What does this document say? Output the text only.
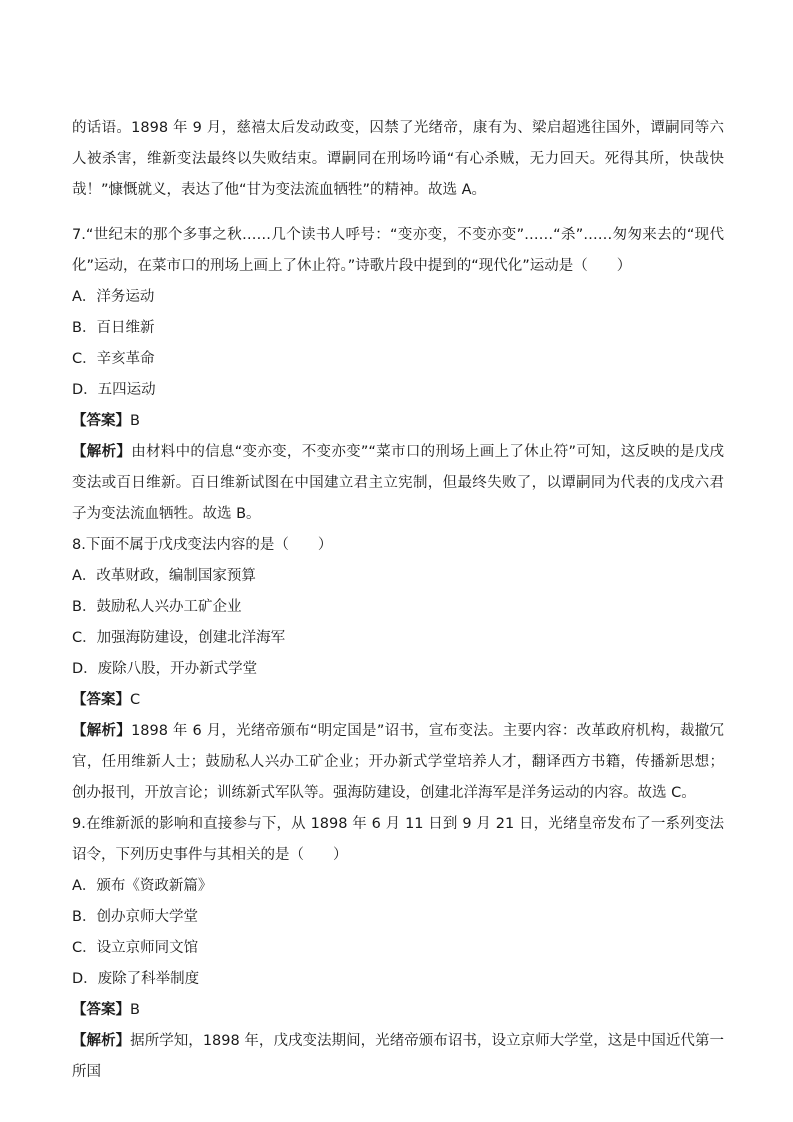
的话语。1898 年 9 月，慈禧太后发动政变，囚禁了光绪帝，康有为、梁启超逃往国外，谭嗣同等六人被杀害，维新变法最终以失败结束。谭嗣同在刑场吟诵“有心杀贼，无力回天。死得其所，快哉快哉！”慷慨就义，表达了他“甘为变法流血牺牲”的精神。故选 A。

7.“世纪末的那个多事之秋……几个读书人呼号：“变亦变，不变亦变”……“杀”……匆匆来去的“现代化”运动，在菜市口的刑场上画上了休止符。”诗歌片段中提到的“现代化”运动是（　　）

A．洋务运动

B．百日维新

C．辛亥革命

D．五四运动

【答案】B

【解析】由材料中的信息“变亦变，不变亦变”“菜市口的刑场上画上了休止符”可知，这反映的是戊戌变法或百日维新。百日维新试图在中国建立君主立宪制，但最终失败了，以谭嗣同为代表的戊戌六君子为变法流血牺牲。故选 B。

8.下面不属于戊戌变法内容的是（　　）

A．改革财政，编制国家预算

B．鼓励私人兴办工矿企业

C．加强海防建设，创建北洋海军

D．废除八股，开办新式学堂

【答案】C

【解析】1898 年 6 月，光绪帝颁布“明定国是”诏书，宣布变法。主要内容：改革政府机构，裁撤冗官，任用维新人士；鼓励私人兴办工矿企业；开办新式学堂培养人才，翻译西方书籍，传播新思想；创办报刊，开放言论；训练新式军队等。强海防建设，创建北洋海军是洋务运动的内容。故选 C。

9.在维新派的影响和直接参与下，从 1898 年 6 月 11 日到 9 月 21 日，光绪皇帝发布了一系列变法诏令，下列历史事件与其相关的是（　　）

A．颁布《资政新篇》

B．创办京师大学堂

C．设立京师同文馆

D．废除了科举制度

【答案】B

【解析】据所学知，1898 年，戊戌变法期间，光绪帝颁布诏书，设立京师大学堂，这是中国近代第一所国
